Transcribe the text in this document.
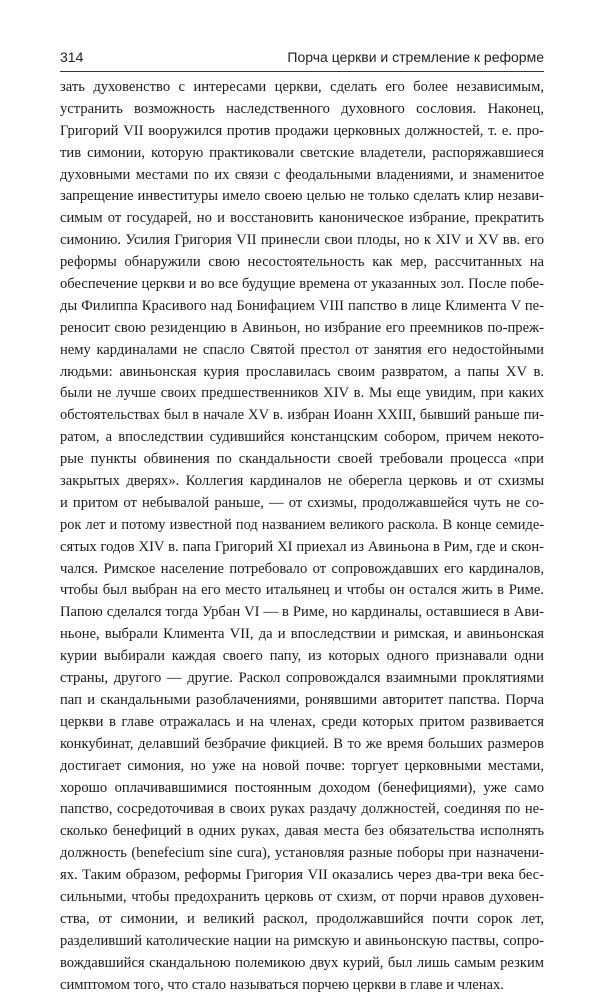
314	Порча церкви и стремление к реформе
зать духовенство с интересами церкви, сделать его более независимым,
устранить возможность наследственного духовного сословия. Наконец,
Григорий VII вооружился против продажи церковных должностей, т. е. про-
тив симонии, которую практиковали светские владетели, распоряжавшиеся
духовными местами по их связи с феодальными владениями, и знаменитое
запрещение инвеституры имело своею целью не только сделать клир незави-
симым от государей, но и восстановить каноническое избрание, прекратить
симонию. Усилия Григория VII принесли свои плоды, но к XIV и XV вв. его
реформы обнаружили свою несостоятельность как мер, рассчитанных на
обеспечение церкви и во все будущие времена от указанных зол. После побе-
ды Филиппа Красивого над Бонифацием VIII папство в лице Климента V пе-
реносит свою резиденцию в Авиньон, но избрание его преемников по-преж-
нему кардиналами не спасло Святой престол от занятия его недостойными
людьми: авиньонская курия прославилась своим развратом, а папы XV в.
были не лучше своих предшественников XIV в. Мы еще увидим, при каких
обстоятельствах был в начале XV в. избран Иоанн XXIII, бывший раньше пи-
ратом, а впоследствии судившийся констанцским собором, причем некото-
рые пункты обвинения по скандальности своей требовали процесса «при
закрытых дверях». Коллегия кардиналов не оберегла церковь и от схизмы
и притом от небывалой раньше, — от схизмы, продолжавшейся чуть не со-
рок лет и потому известной под названием великого раскола. В конце семиде-
сятых годов XIV в. папа Григорий XI приехал из Авиньона в Рим, где и скон-
чался. Римское население потребовало от сопровождавших его кардиналов,
чтобы был выбран на его место итальянец и чтобы он остался жить в Риме.
Папою сделался тогда Урбан VI — в Риме, но кардиналы, оставшиеся в Ави-
ньоне, выбрали Климента VII, да и впоследствии и римская, и авиньонская
курии выбирали каждая своего папу, из которых одного признавали одни
страны, другого — другие. Раскол сопровождался взаимными проклятиями
пап и скандальными разоблачениями, ронявшими авторитет папства. Порча
церкви в главе отражалась и на членах, среди которых притом развивается
конкубинат, делавший безбрачие фикцией. В то же время больших размеров
достигает симония, но уже на новой почве: торгует церковными местами,
хорошо оплачивавшимися постоянным доходом (бенефициями), уже само
папство, сосредоточивая в своих руках раздачу должностей, соединяя по не-
сколько бенефиций в одних руках, давая места без обязательства исполнять
должность (benefecium sine cura), установляя разные поборы при назначени-
ях. Таким образом, реформы Григория VII оказались через два-три века бес-
сильными, чтобы предохранить церковь от схизм, от порчи нравов духовен-
ства, от симонии, и великий раскол, продолжавшийся почти сорок лет,
разделивший католические нации на римскую и авиньонскую паствы, сопро-
вождавшийся скандальною полемикою двух курий, был лишь самым резким
симптомом того, что стало называться порчею церкви в главе и членах.
